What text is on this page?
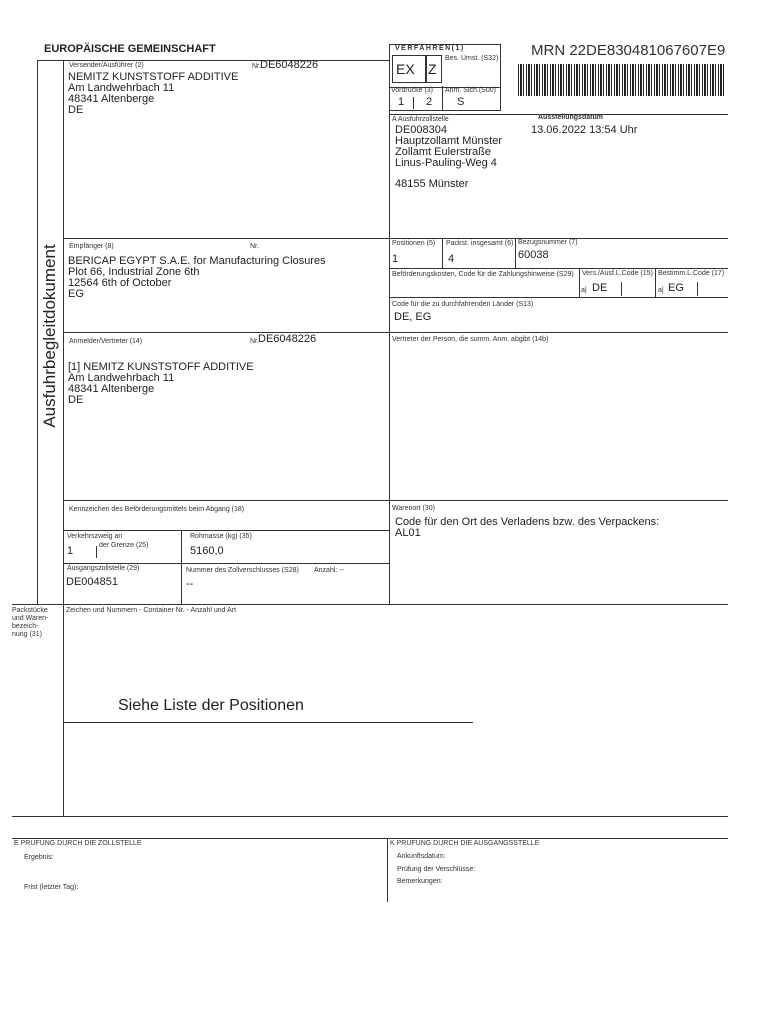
EUROPÄISCHE GEMEINSCHAFT	MRN 22DE830481067607E9
VERFAHREN(1)
Bes. Umst. (S32)
EX Z
Vordrucke (3)
1 2
Anm. Sich.(S00)
S
Ausfuhrbegleitdokument
Versender/Ausführer (2)	Nr. DE6048226
NEMITZ KUNSTSTOFF ADDITIVE
Am Landwehrbach 11
48341 Altenberge
DE
A Ausfuhrzollstelle	Ausstellungsdatum
DE008304
Hauptzollamt Münster
Zollamt Eulerstraße
Linus-Pauling-Weg 4
48155 Münster
13.06.2022 13:54 Uhr
Empfänger (8)	Nr.
BERICAP EGYPT S.A.E. for Manufacturing Closures
Plot 66, Industrial Zone 6th
12564 6th of October
EG
Positionen (5)
1
Packst. insgesamt (6)
4
Bezugsnummer (7)
60038
Beförderungskosten, Code für die Zahlungshinweise (S29) Vers./Ausf.L.Code (15)
a| DE
Bestimm.L.Code (17)
a| EG
Code für die zu durchfahrenden Länder (S13)
DE, EG
Anmelder/Vertreter (14)	Nr. DE6048226
[1] NEMITZ KUNSTSTOFF ADDITIVE
Am Landwehrbach 11
48341 Altenberge
DE
Vertreter der Person, die summ. Anm. abgibt (14b)
Kennzeichen des Beförderungsmittels beim Abgang (18)	Warenort (30)
Code für den Ort des Verladens bzw. des Verpackens:
AL01
Verkehrszweig an
der Grenze (25)
1
Rohmasse (kg) (35)
5160,0
Ausgangszollstelle (29)
DE004851
Nummer des Zollverschlusses (S28) Anzahl: --
--
Packstücke
und Waren-
bezeich-
nung (31)
Zeichen und Nummern - Container Nr. - Anzahl und Art
Siehe Liste der Positionen
E PRÜFUNG DURCH DIE ZOLLSTELLE
Ergebnis:
Frist (letzter Tag):
K PRÜFUNG DURCH DIE AUSGANGSSTELLE
Ankunftsdatum:
Prüfung der Verschlüsse:
Bemerkungen:
